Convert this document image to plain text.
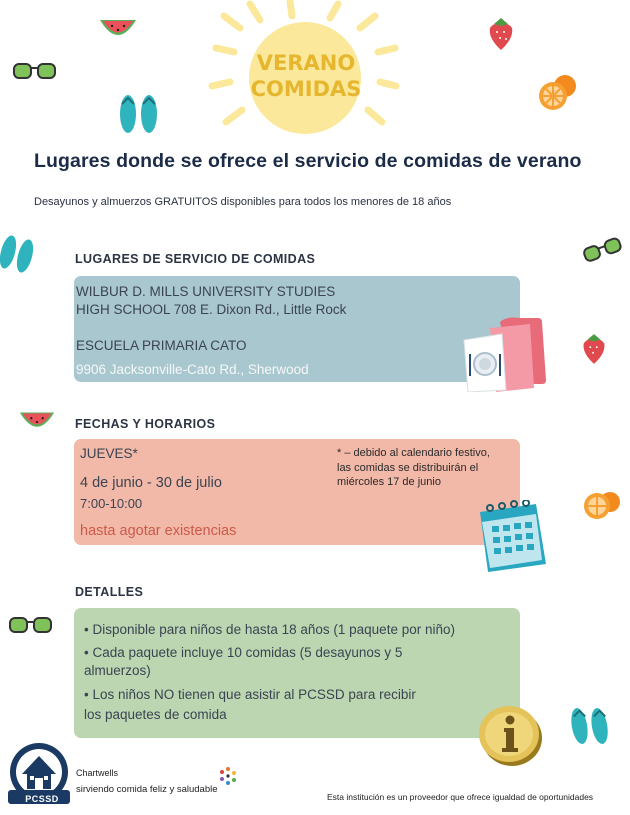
VERANO
COMIDAS
Lugares donde se ofrece el servicio de comidas de verano
Desayunos y almuerzos GRATUITOS disponibles para todos los menores de 18 años
LUGARES DE SERVICIO DE COMIDAS
WILBUR D. MILLS UNIVERSITY STUDIES
HIGH SCHOOL 708 E. Dixon Rd., Little Rock
ESCUELA PRIMARIA CATO
9906 Jacksonville-Cato Rd., Sherwood
FECHAS Y HORARIOS
JUEVES*
4 de junio - 30 de julio
7:00-10:00
hasta agotar existencias
* – debido al calendario festivo,
las comidas se distribuirán el
miércoles 17 de junio
DETALLES
• Disponible para niños de hasta 18 años (1 paquete por niño)
• Cada paquete incluye 10 comidas (5 desayunos y 5
almuerzos)
• Los niños NO tienen que asistir al PCSSD para recibir
los paquetes de comida
PCSSD
Chartwells
sirviendo comida feliz y saludable
Esta institución es un proveedor que ofrece igualdad de oportunidades
